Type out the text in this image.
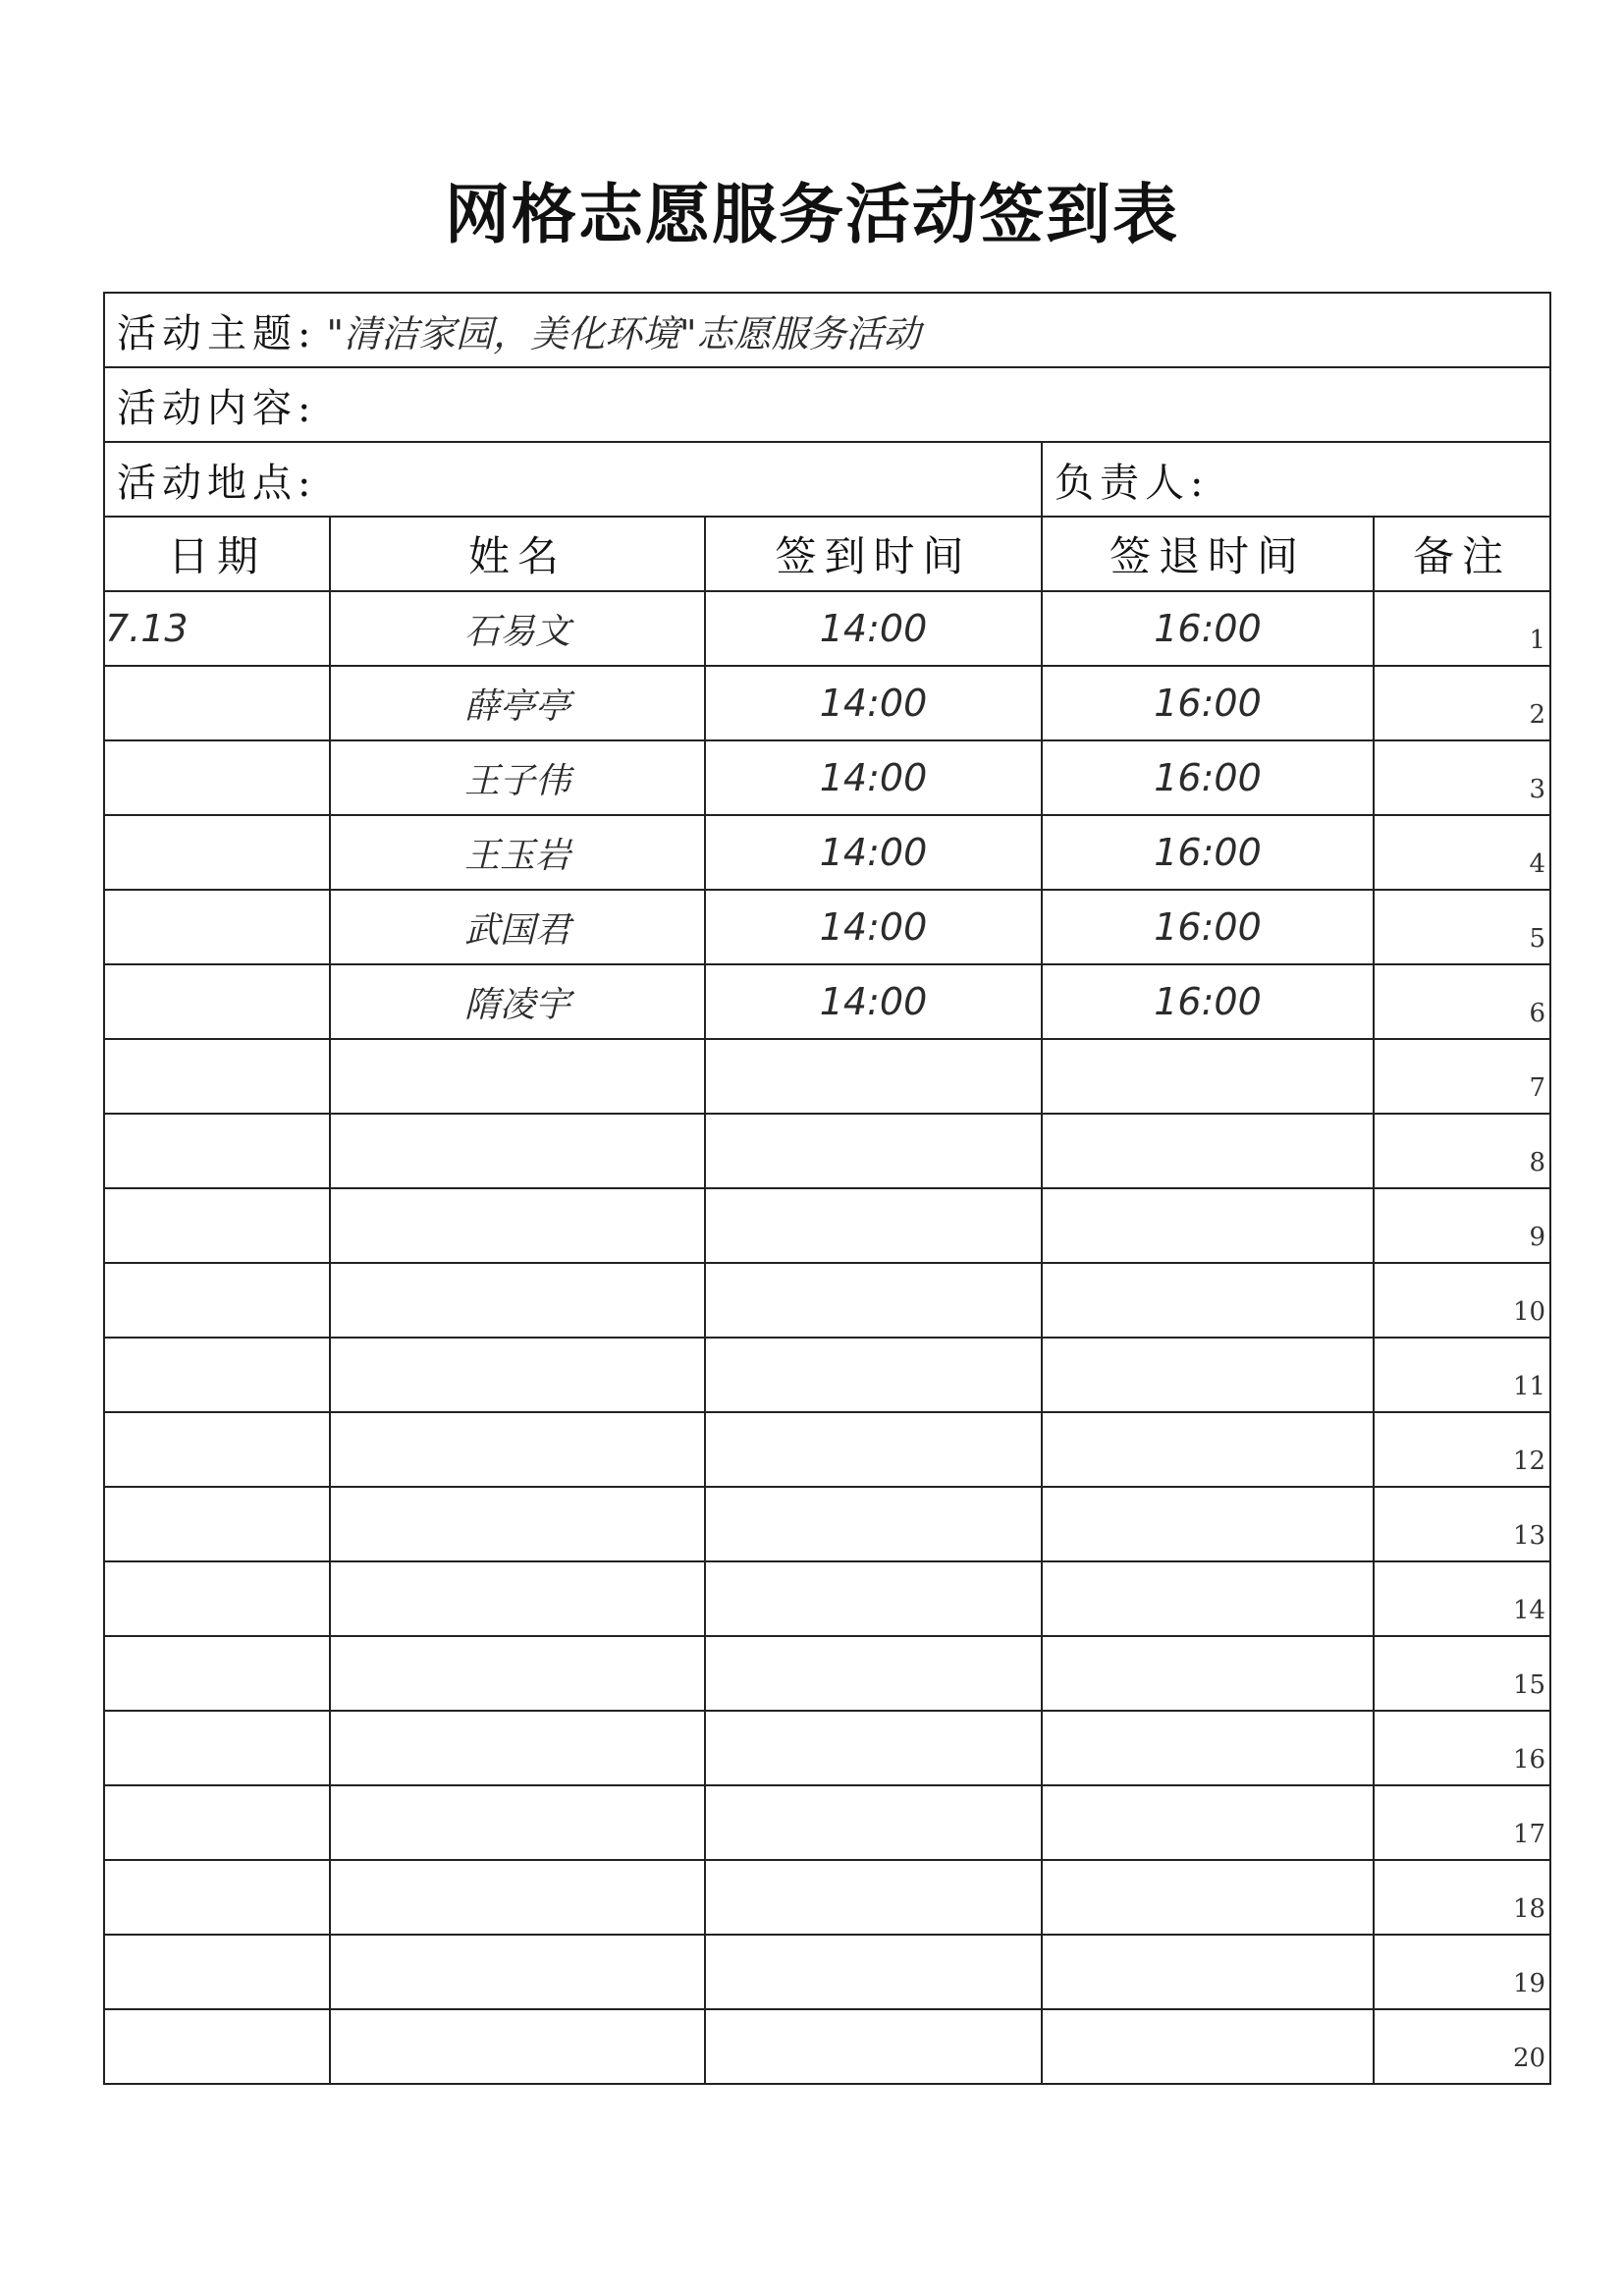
网格志愿服务活动签到表
活动主题: "清洁家园，美化环境"志愿服务活动				
活动内容:				
活动地点:			负责人:	
日期	姓名	签到时间	签退时间	备注
7.13	石易文	14:00	16:00	1

	薛亭亭	14:00	16:00	2

	王子伟	14:00	16:00	3

	王玉岩	14:00	16:00	4

	武国君	14:00	16:00	5

	隋凌宇	14:00	16:00	6

				7

				8

				9

				10

				11

				12

				13

				14

				15

				16

				17

				18

				19

				20
